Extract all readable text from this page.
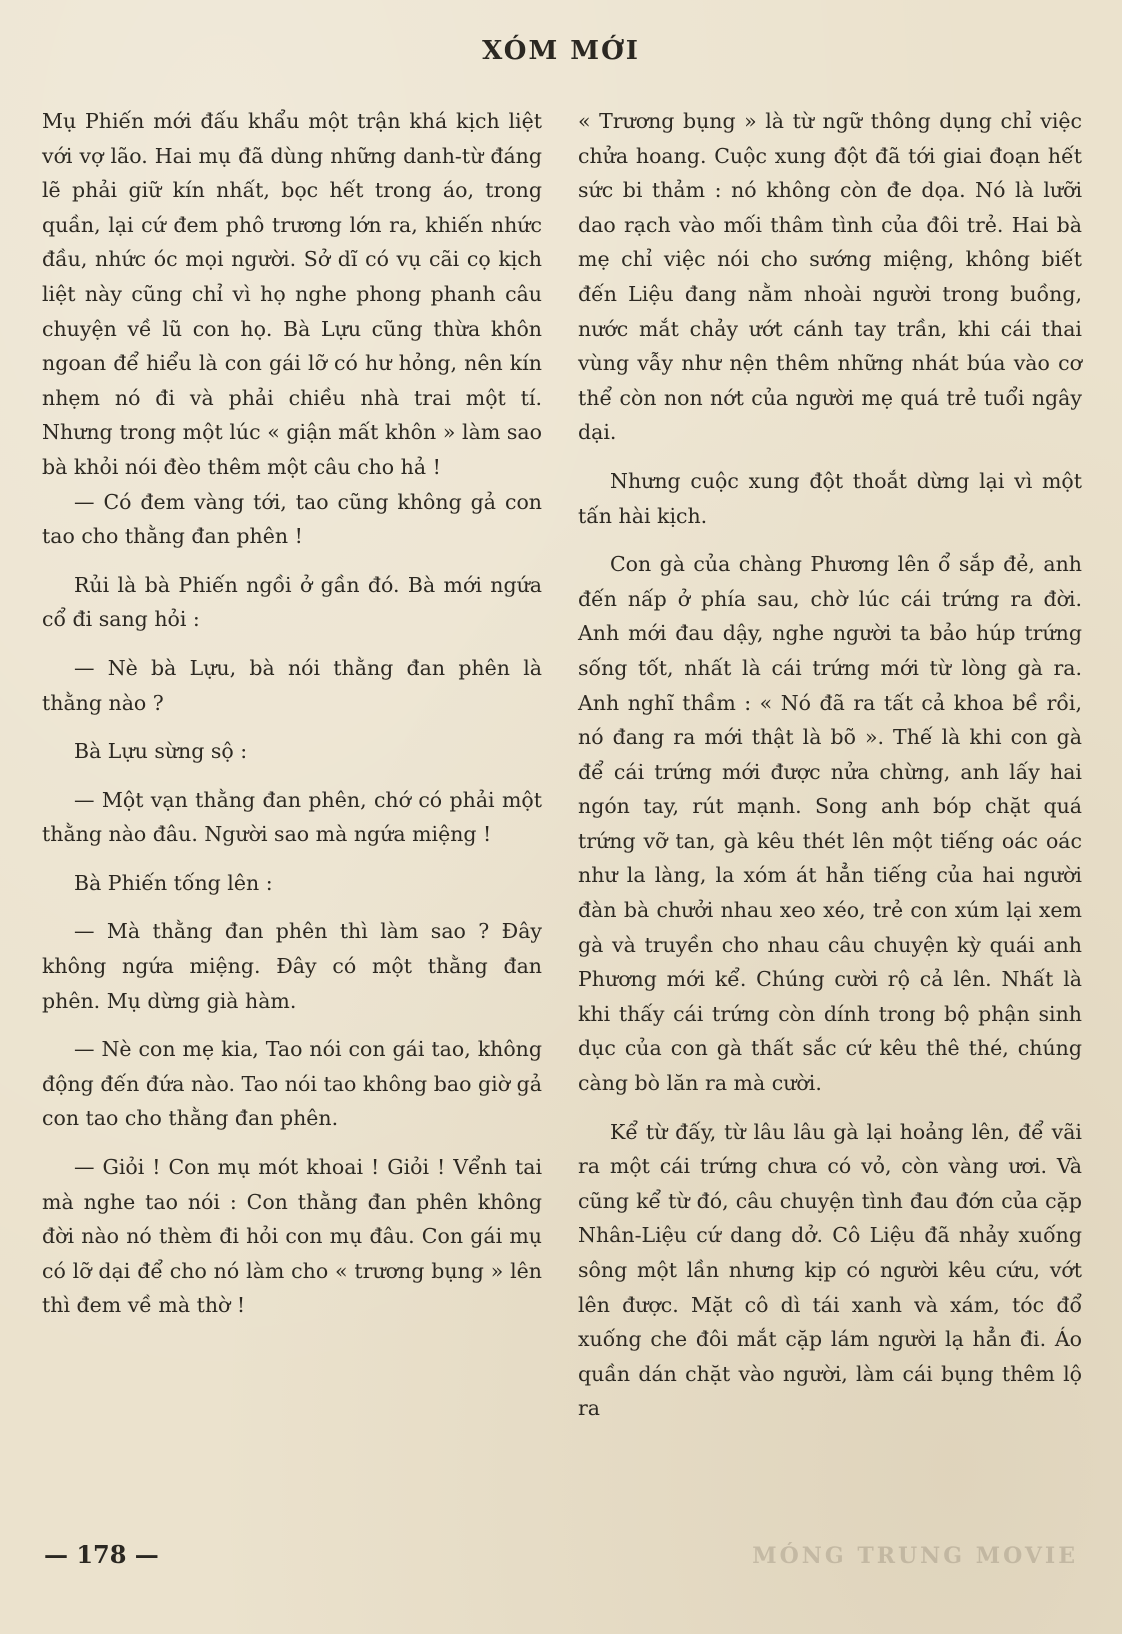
XÓM MỚI

Mụ Phiến mới đấu khẩu một trận khá kịch liệt với vợ lão. Hai mụ đã dùng những danh-từ đáng lẽ phải giữ kín nhất, bọc hết trong áo, trong quần, lại cứ đem phô trương lớn ra, khiến nhức đầu, nhức óc mọi người. Sở dĩ có vụ cãi cọ kịch liệt này cũng chỉ vì họ nghe phong phanh câu chuyện về lũ con họ. Bà Lựu cũng thừa khôn ngoan để hiểu là con gái lỡ có hư hỏng, nên kín nhẹm nó đi và phải chiều nhà trai một tí. Nhưng trong một lúc « giận mất khôn » làm sao bà khỏi nói đèo thêm một câu cho hả !

— Có đem vàng tới, tao cũng không gả con tao cho thằng đan phên !

Rủi là bà Phiến ngồi ở gần đó. Bà mới ngứa cổ đi sang hỏi :

— Nè bà Lựu, bà nói thằng đan phên là thằng nào ?

Bà Lựu sừng sộ :

— Một vạn thằng đan phên, chớ có phải một thằng nào đâu. Người sao mà ngứa miệng !

Bà Phiến tống lên :

— Mà thằng đan phên thì làm sao ? Đây không ngứa miệng. Đây có một thằng đan phên. Mụ dừng già hàm.

— Nè con mẹ kia, Tao nói con gái tao, không động đến đứa nào. Tao nói tao không bao giờ gả con tao cho thằng đan phên.

— Giỏi ! Con mụ mót khoai ! Giỏi ! Vểnh tai mà nghe tao nói : Con thằng đan phên không đời nào nó thèm đi hỏi con mụ đâu. Con gái mụ có lỡ dại để cho nó làm cho « trương bụng » lên thì đem về mà thờ !

« Trương bụng » là từ ngữ thông dụng chỉ việc chửa hoang. Cuộc xung đột đã tới giai đoạn hết sức bi thảm : nó không còn đe dọa. Nó là lưỡi dao rạch vào mối thâm tình của đôi trẻ. Hai bà mẹ chỉ việc nói cho sướng miệng, không biết đến Liệu đang nằm nhoài người trong buồng, nước mắt chảy ướt cánh tay trần, khi cái thai vùng vẫy như nện thêm những nhát búa vào cơ thể còn non nớt của người mẹ quá trẻ tuổi ngây dại.

Nhưng cuộc xung đột thoắt dừng lại vì một tấn hài kịch.

Con gà của chàng Phương lên ổ sắp đẻ, anh đến nấp ở phía sau, chờ lúc cái trứng ra đời. Anh mới đau dậy, nghe người ta bảo húp trứng sống tốt, nhất là cái trứng mới từ lòng gà ra. Anh nghĩ thầm : « Nó đã ra tất cả khoa bề rồi, nó đang ra mới thật là bõ ». Thế là khi con gà để cái trứng mới được nửa chừng, anh lấy hai ngón tay, rút mạnh. Song anh bóp chặt quá trứng vỡ tan, gà kêu thét lên một tiếng oác oác như la làng, la xóm át hẳn tiếng của hai người đàn bà chưởi nhau xeo xéo, trẻ con xúm lại xem gà và truyền cho nhau câu chuyện kỳ quái anh Phương mới kể. Chúng cười rộ cả lên. Nhất là khi thấy cái trứng còn dính trong bộ phận sinh dục của con gà thất sắc cứ kêu thê thé, chúng càng bò lăn ra mà cười.

Kể từ đấy, từ lâu lâu gà lại hoảng lên, để vãi ra một cái trứng chưa có vỏ, còn vàng ươi. Và cũng kể từ đó, câu chuyện tình đau đớn của cặp Nhân-Liệu cứ dang dở. Cô Liệu đã nhảy xuống sông một lần nhưng kịp có người kêu cứu, vớt lên được. Mặt cô dì tái xanh và xám, tóc đổ xuống che đôi mắt cặp lám người lạ hẳn đi. Áo quần dán chặt vào người, làm cái bụng thêm lộ ra

— 178 —	MÓNG TRUNG MOVIE
